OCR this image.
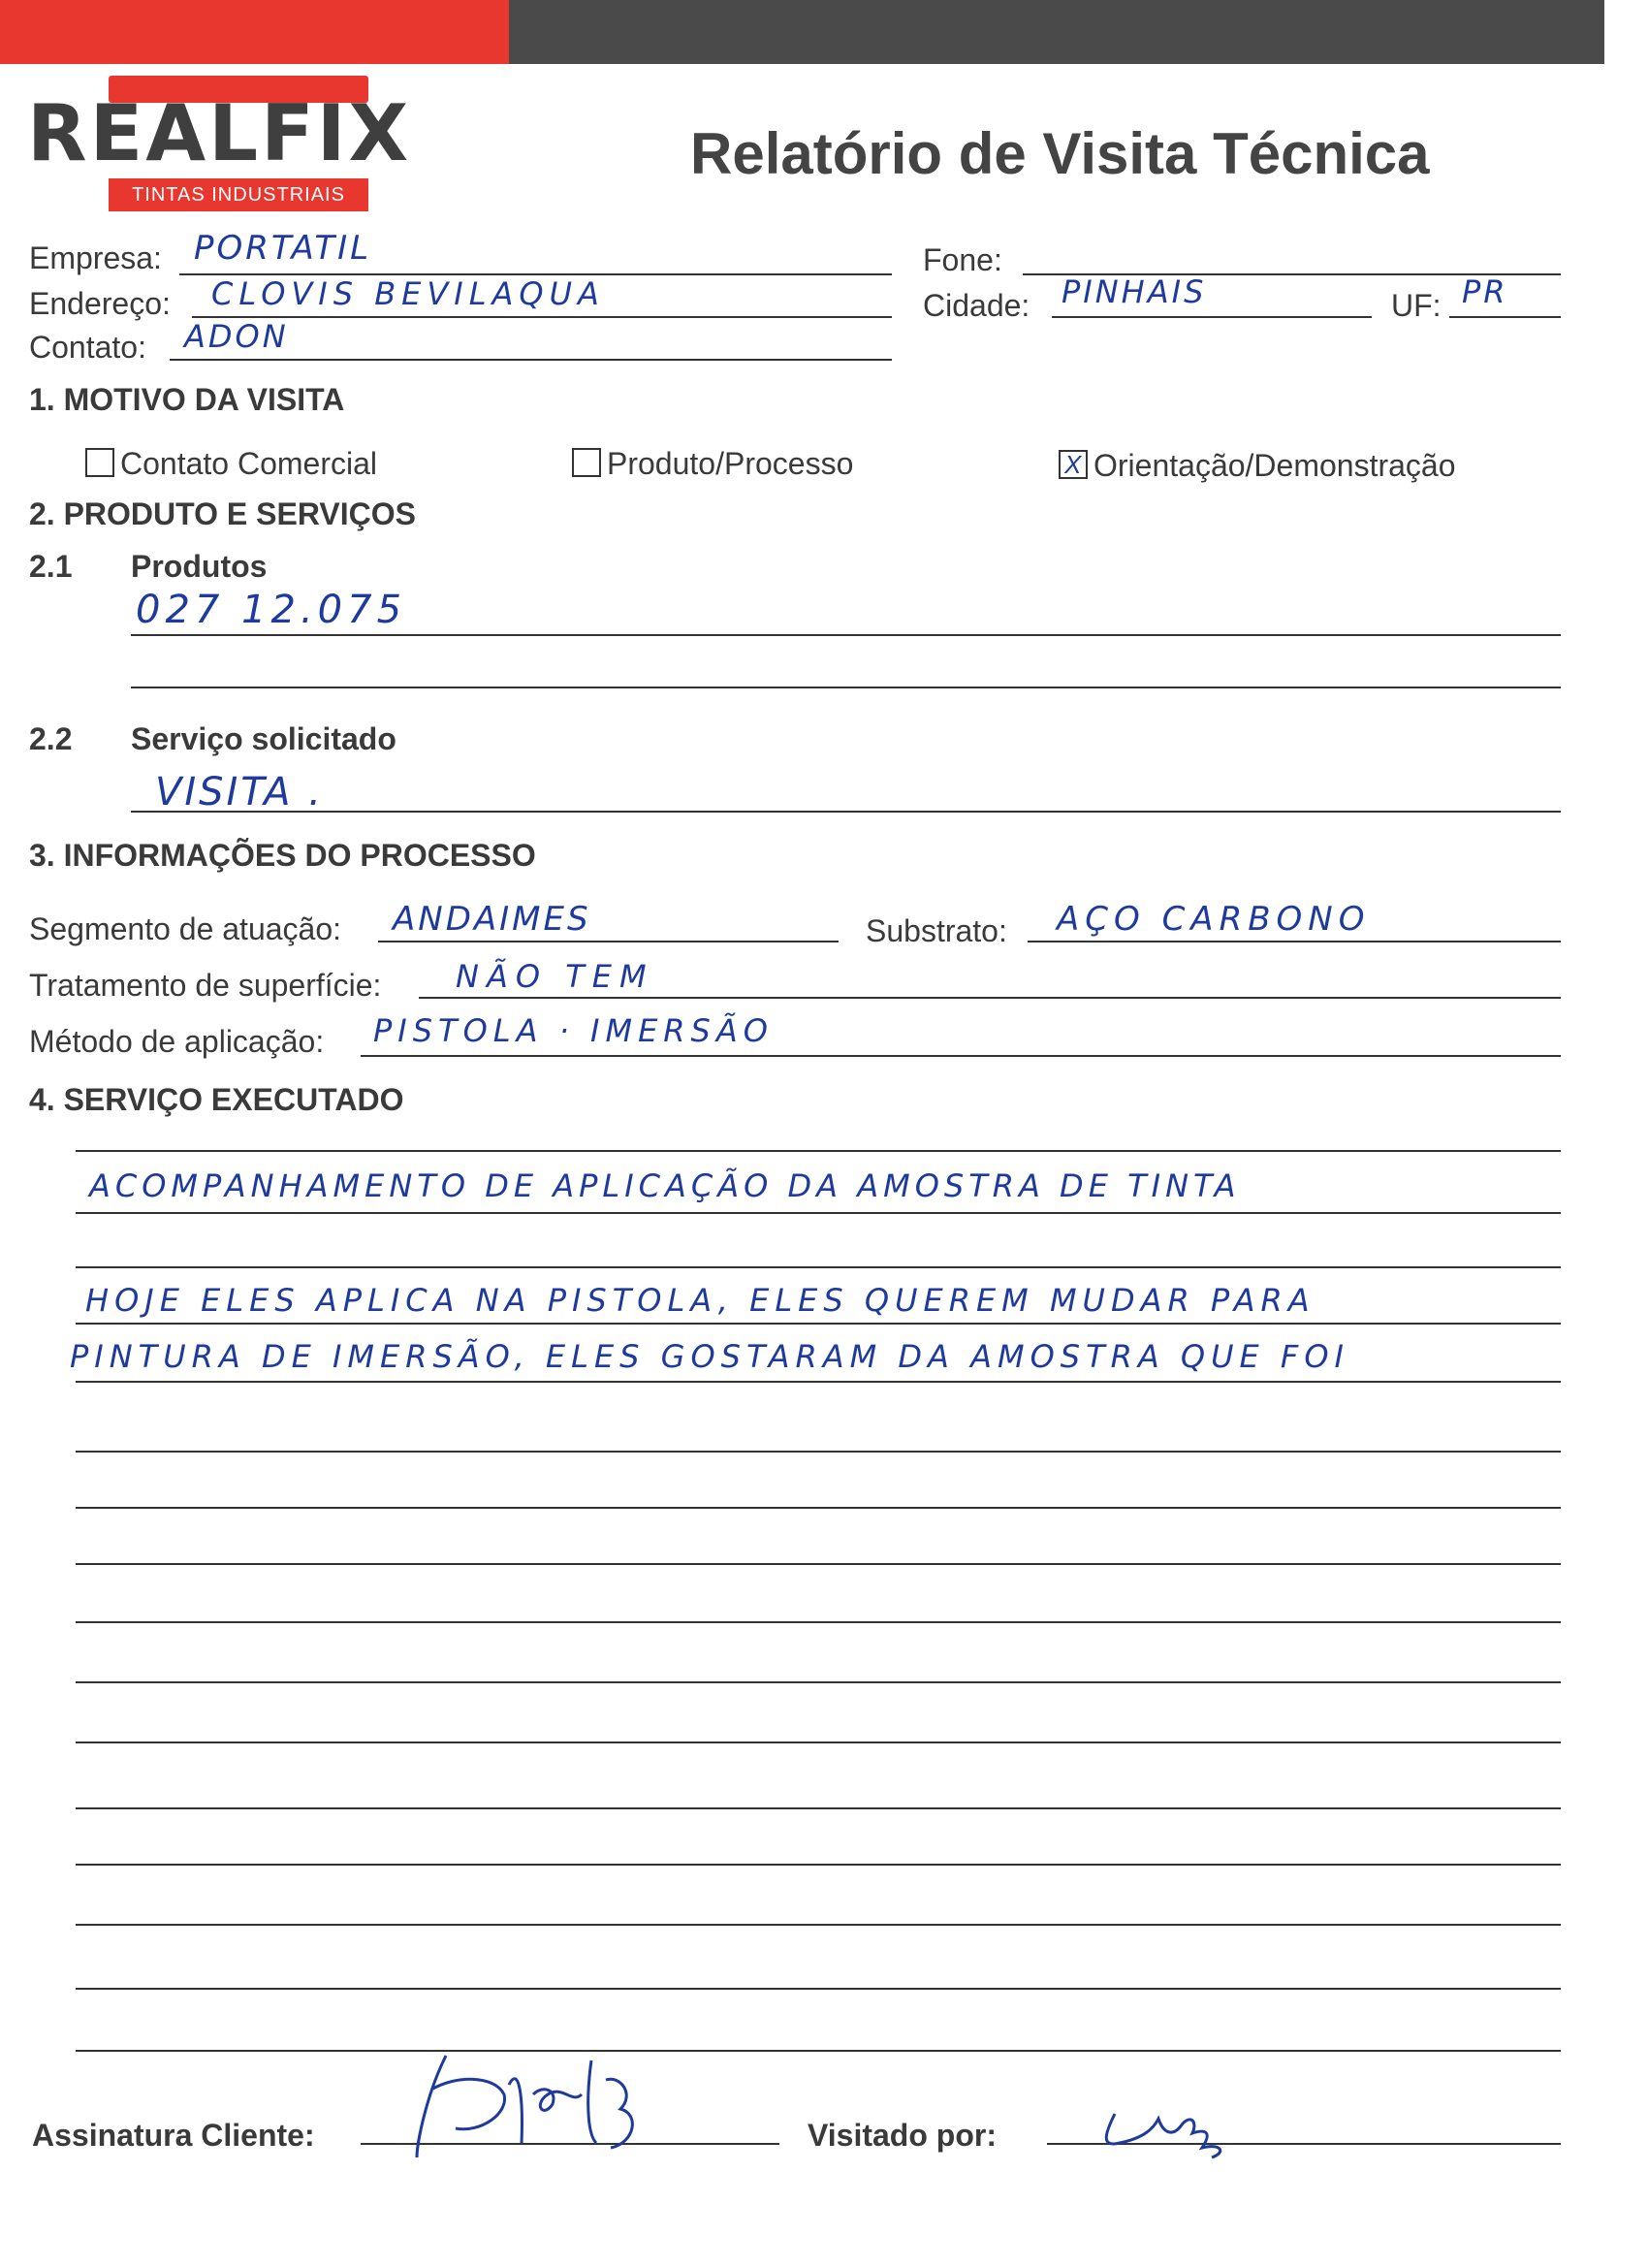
REALFIX
TINTAS INDUSTRIAIS
Relatório de Visita Técnica
Empresa: PORTATIL	Fone:
Endereço: CLOVIS BEVILAQUA	Cidade: PINHAIS	UF: PR
Contato: ADON
1. MOTIVO DA VISITA
Contato Comercial	Produto/Processo
X	Orientação/Demonstração
2. PRODUTO E SERVIÇOS
2.1 Produtos
027 12.075
2.2 Serviço solicitado
VISITA .
3. INFORMAÇÕES DO PROCESSO
Segmento de atuação: ANDAIMES	Substrato: AÇO CARBONO
Tratamento de superfície: NÃO TEM
Método de aplicação: PISTOLA · IMERSÃO
4. SERVIÇO EXECUTADO
ACOMPANHAMENTO DE APLICAÇÃO DA AMOSTRA DE TINTA
HOJE ELES APLICA NA PISTOLA, ELES QUEREM MUDAR PARA
PINTURA DE IMERSÃO, ELES GOSTARAM DA AMOSTRA QUE FOI
Assinatura Cliente:	Visitado por:
